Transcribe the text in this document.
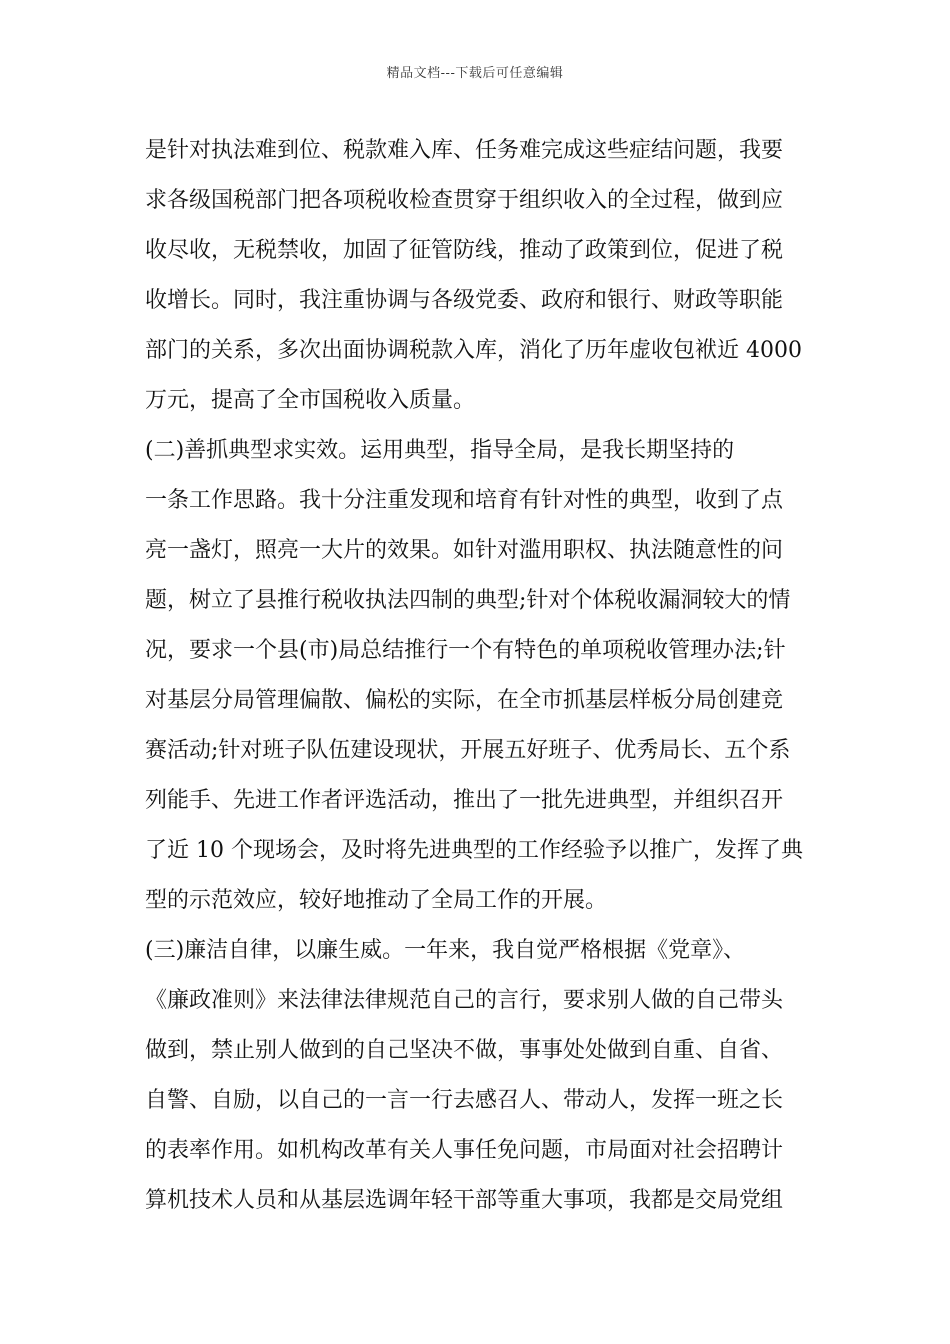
精品文档---下载后可任意编辑
是针对执法难到位、税款难入库、任务难完成这些症结问题，我要
求各级国税部门把各项税收检查贯穿于组织收入的全过程，做到应
收尽收，无税禁收，加固了征管防线，推动了政策到位，促进了税
收增长。同时，我注重协调与各级党委、政府和银行、财政等职能
部门的关系，多次出面协调税款入库，消化了历年虚收包袱近 4000
万元，提高了全市国税收入质量。
(二)善抓典型求实效。运用典型，指导全局，是我长期坚持的
一条工作思路。我十分注重发现和培育有针对性的典型，收到了点
亮一盏灯，照亮一大片的效果。如针对滥用职权、执法随意性的问
题，树立了县推行税收执法四制的典型;针对个体税收漏洞较大的情
况，要求一个县(市)局总结推行一个有特色的单项税收管理办法;针
对基层分局管理偏散、偏松的实际，在全市抓基层样板分局创建竞
赛活动;针对班子队伍建设现状，开展五好班子、优秀局长、五个系
列能手、先进工作者评选活动，推出了一批先进典型，并组织召开
了近 10 个现场会，及时将先进典型的工作经验予以推广，发挥了典
型的示范效应，较好地推动了全局工作的开展。
(三)廉洁自律，以廉生威。一年来，我自觉严格根据《党章》、
《廉政准则》来法律法律规范自己的言行，要求别人做的自己带头
做到，禁止别人做到的自己坚决不做，事事处处做到自重、自省、
自警、自励，以自己的一言一行去感召人、带动人，发挥一班之长
的表率作用。如机构改革有关人事任免问题，市局面对社会招聘计
算机技术人员和从基层选调年轻干部等重大事项，我都是交局党组
